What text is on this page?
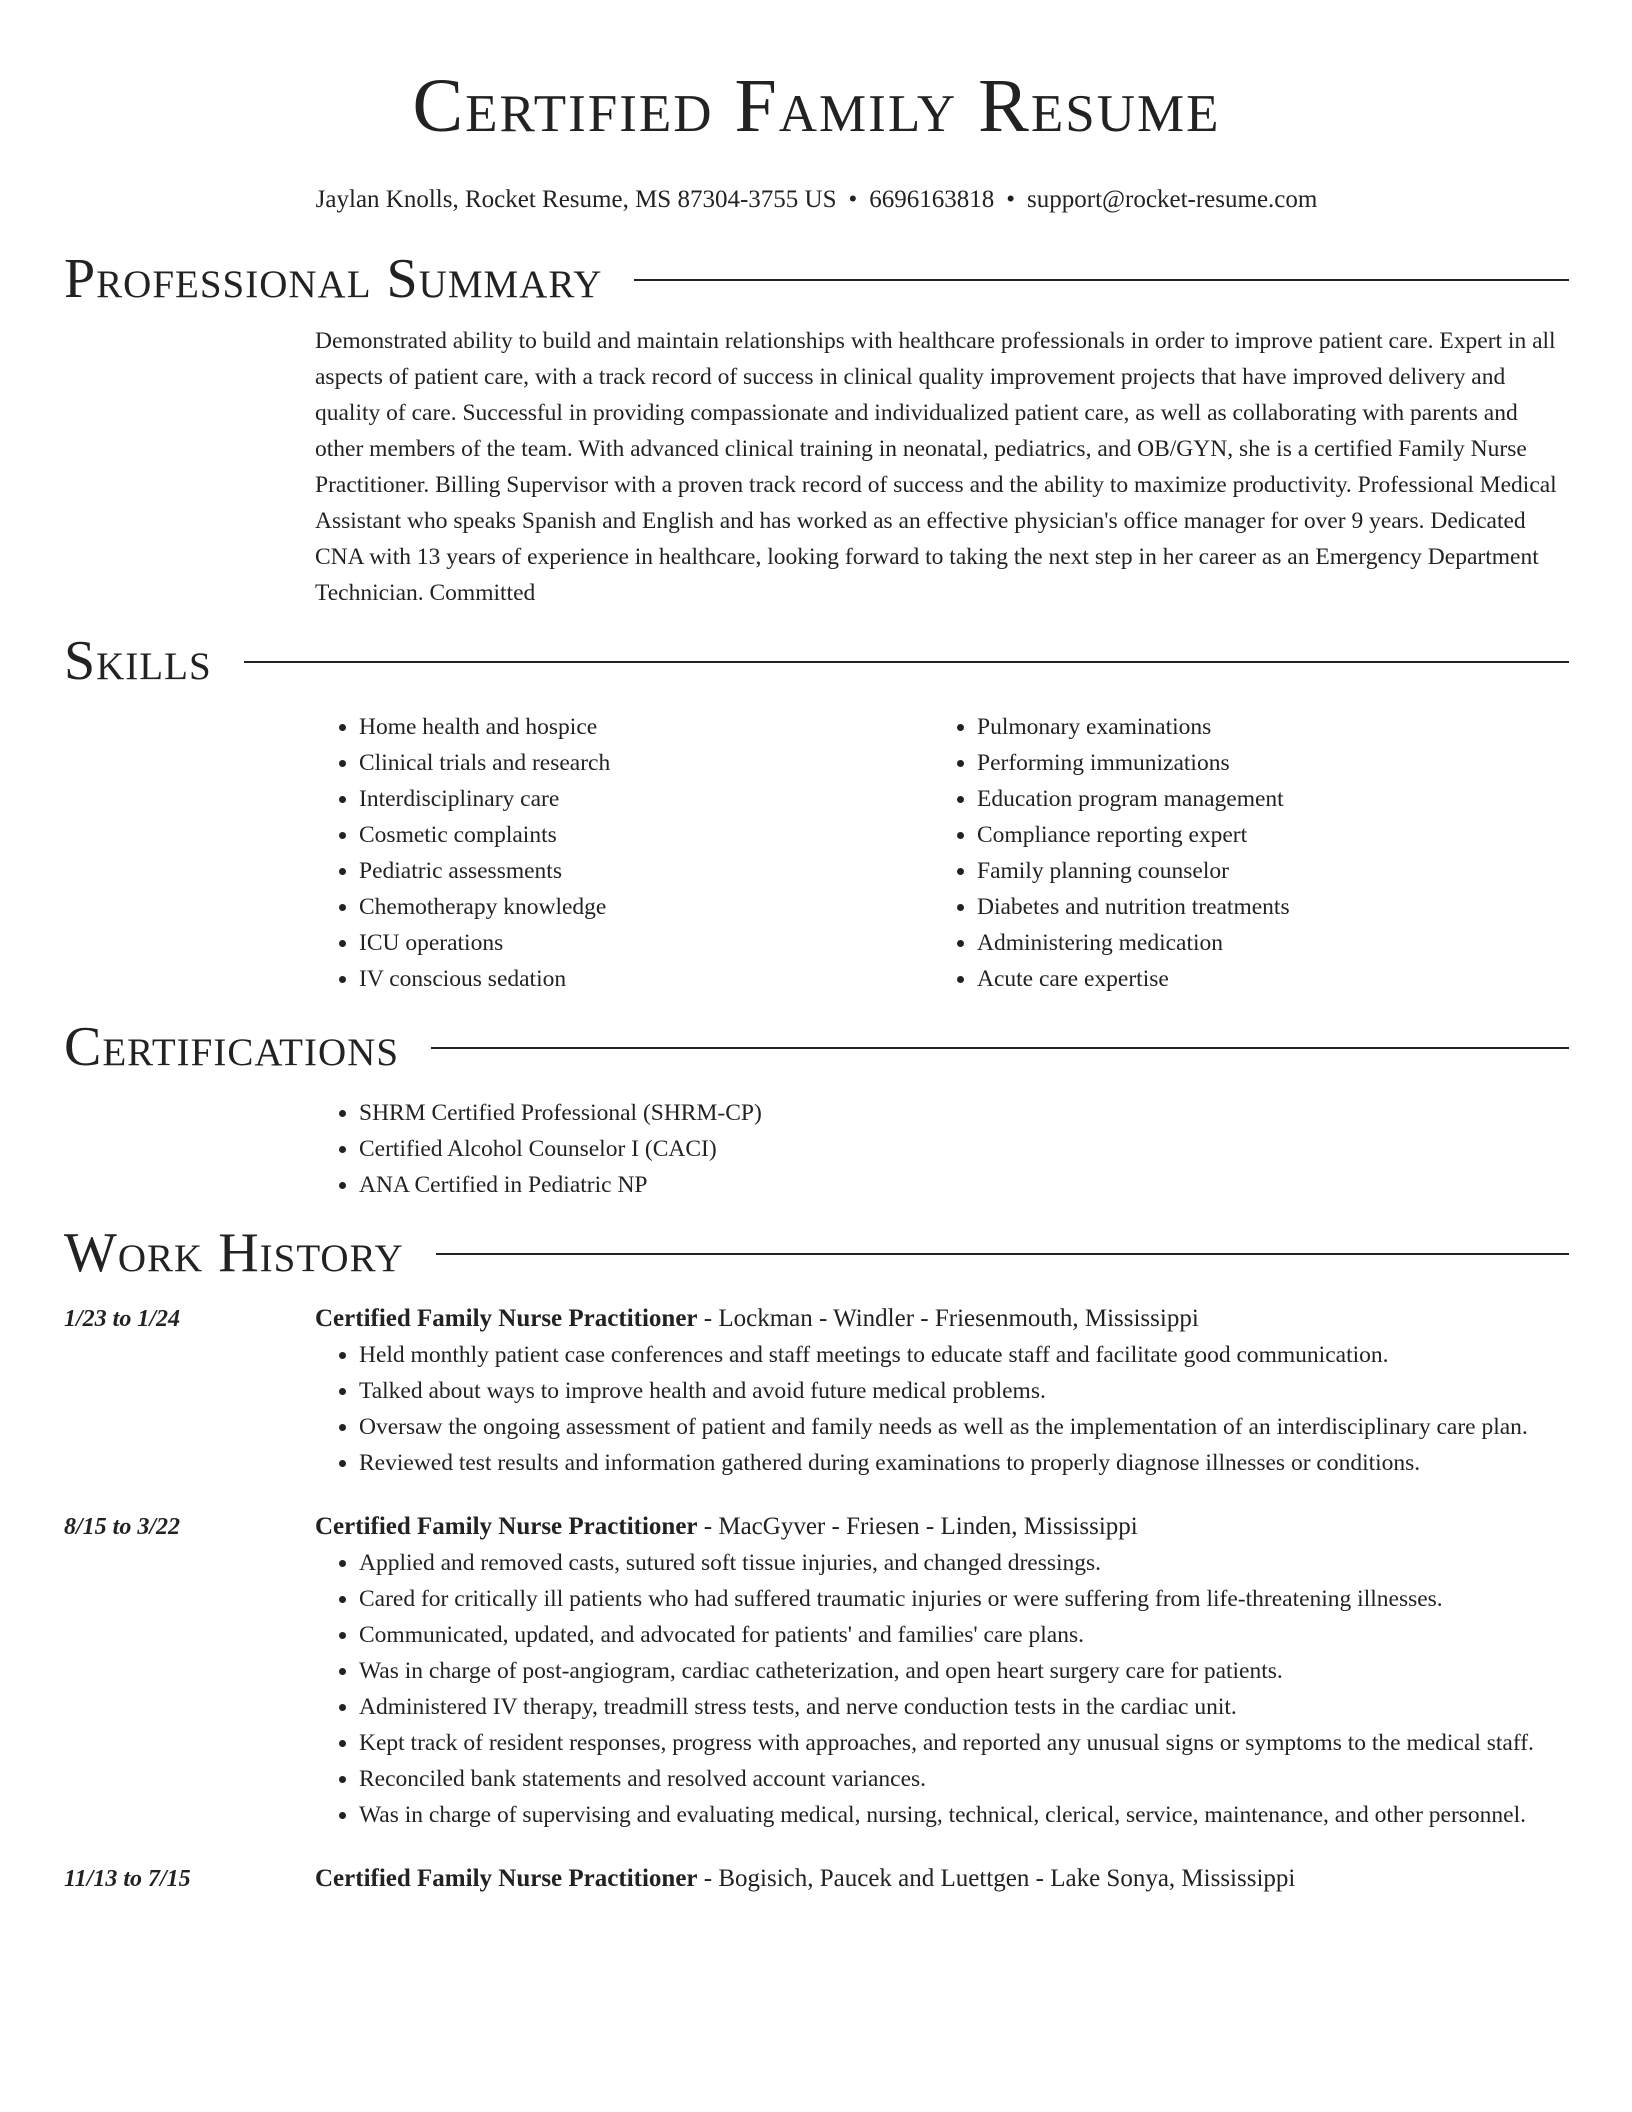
Certified Family Resume
Jaylan Knolls, Rocket Resume, MS 87304-3755 US • 6696163818 • support@rocket-resume.com
Professional Summary

Demonstrated ability to build and maintain relationships with healthcare professionals in order to improve patient care. Expert in all aspects of patient care, with a track record of success in clinical quality improvement projects that have improved delivery and quality of care. Successful in providing compassionate and individualized patient care, as well as collaborating with parents and other members of the team. With advanced clinical training in neonatal, pediatrics, and OB/GYN, she is a certified Family Nurse Practitioner. Billing Supervisor with a proven track record of success and the ability to maximize productivity. Professional Medical Assistant who speaks Spanish and English and has worked as an effective physician's office manager for over 9 years. Dedicated CNA with 13 years of experience in healthcare, looking forward to taking the next step in her career as an Emergency Department Technician. Committed

Skills
• Home health and hospice
• Clinical trials and research
• Interdisciplinary care
• Cosmetic complaints
• Pediatric assessments
• Chemotherapy knowledge
• ICU operations
• IV conscious sedation
• Pulmonary examinations
• Performing immunizations
• Education program management
• Compliance reporting expert
• Family planning counselor
• Diabetes and nutrition treatments
• Administering medication
• Acute care expertise
Certifications
• SHRM Certified Professional (SHRM-CP)
• Certified Alcohol Counselor I (CACI)
• ANA Certified in Pediatric NP
Work History
1/23 to 1/24	Certified Family Nurse Practitioner - Lockman - Windler - Friesenmouth, Mississippi
• Held monthly patient case conferences and staff meetings to educate staff and facilitate good communication.
• Talked about ways to improve health and avoid future medical problems.
• Oversaw the ongoing assessment of patient and family needs as well as the implementation of an interdisciplinary care plan.
• Reviewed test results and information gathered during examinations to properly diagnose illnesses or conditions.
8/15 to 3/22	Certified Family Nurse Practitioner - MacGyver - Friesen - Linden, Mississippi
• Applied and removed casts, sutured soft tissue injuries, and changed dressings.
• Cared for critically ill patients who had suffered traumatic injuries or were suffering from life-threatening illnesses.
• Communicated, updated, and advocated for patients' and families' care plans.
• Was in charge of post-angiogram, cardiac catheterization, and open heart surgery care for patients.
• Administered IV therapy, treadmill stress tests, and nerve conduction tests in the cardiac unit.
• Kept track of resident responses, progress with approaches, and reported any unusual signs or symptoms to the medical staff.
• Reconciled bank statements and resolved account variances.
• Was in charge of supervising and evaluating medical, nursing, technical, clerical, service, maintenance, and other personnel.
11/13 to 7/15	Certified Family Nurse Practitioner - Bogisich, Paucek and Luettgen - Lake Sonya, Mississippi
